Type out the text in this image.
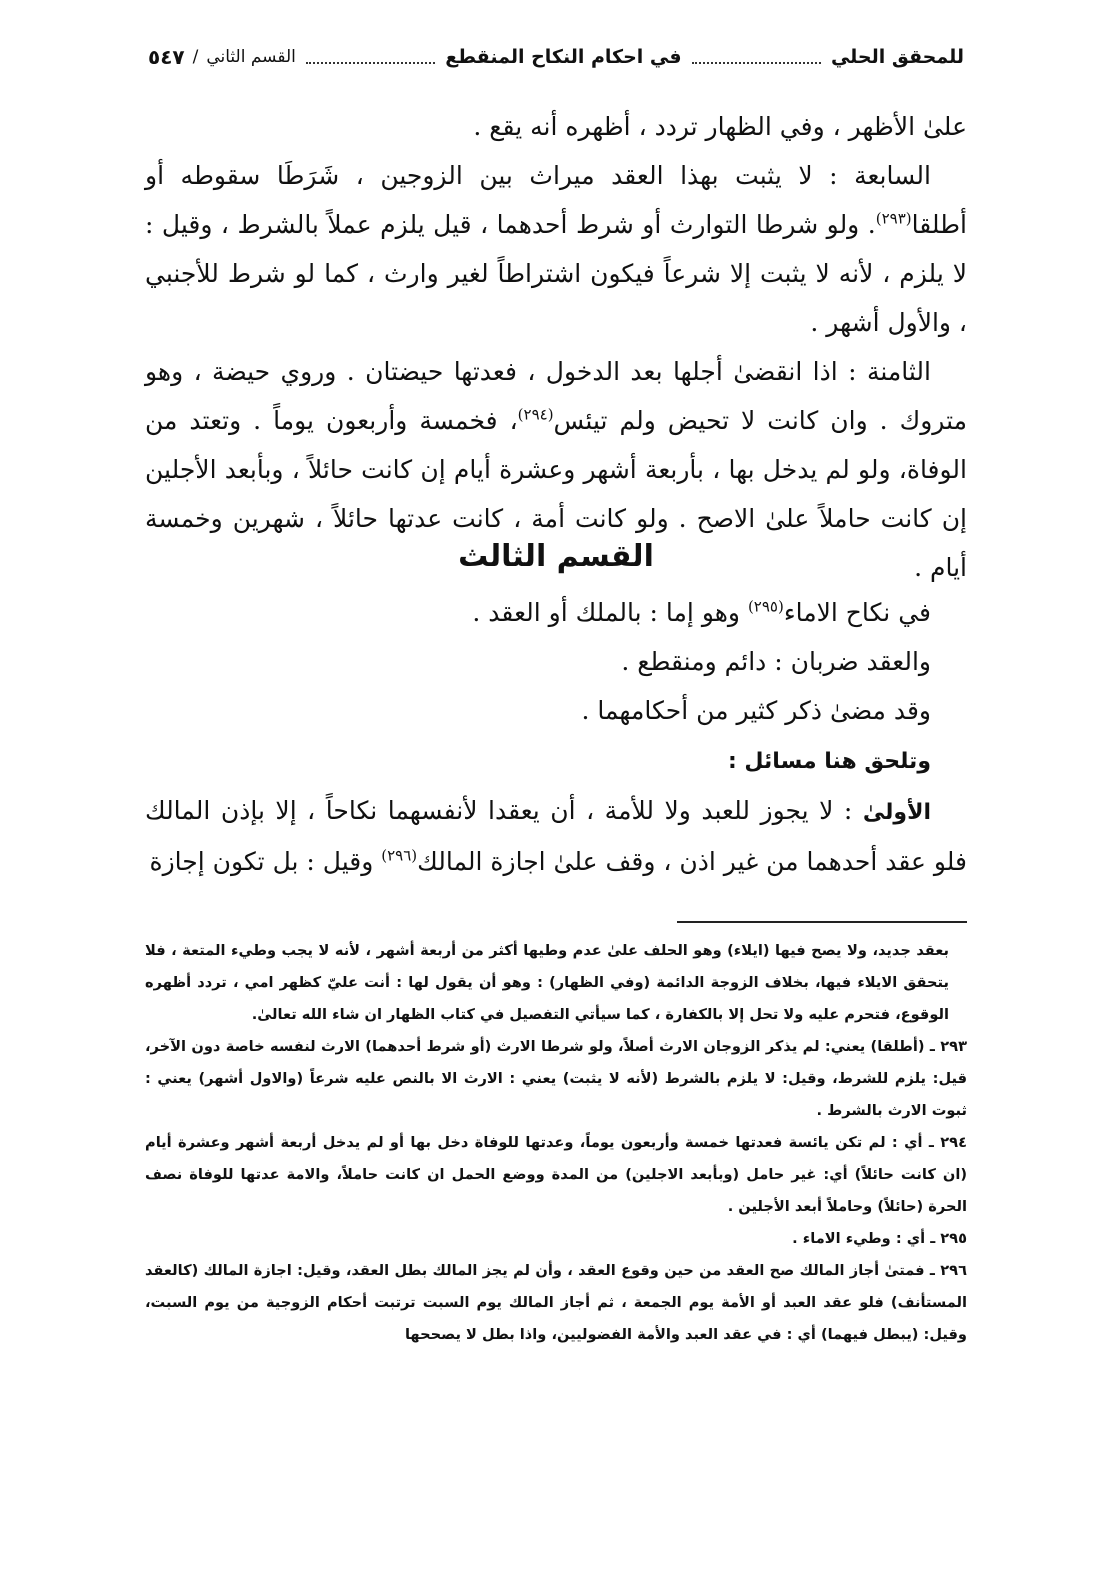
للمحقق الحلي
في احكام النكاح المنقطع
القسم الثاني
/
٥٤٧

علىٰ الأظهر ، وفي الظهار تردد ، أظهره أنه يقع .

السابعة : لا يثبت بهذا العقد ميراث بين الزوجين ، شَرَطَا سقوطه أو أطلقا$^{(٢٩٣)}$. ولو شرطا التوارث أو شرط أحدهما ، قيل يلزم عملاً بالشرط ، وقيل : لا يلزم ، لأنه لا يثبت إلا شرعاً فيكون اشتراطاً لغير وارث ، كما لو شرط للأجنبي ، والأول أشهر .

الثامنة : اذا انقضىٰ أجلها بعد الدخول ، فعدتها حيضتان . وروي حيضة ، وهو متروك . وان كانت لا تحيض ولم تيئس$^{(٢٩٤)}$، فخمسة وأربعون يوماً . وتعتد من الوفاة، ولو لم يدخل بها ، بأربعة أشهر وعشرة أيام إن كانت حائلاً ، وبأبعد الأجلين إن كانت حاملاً علىٰ الاصح . ولو كانت أمة ، كانت عدتها حائلاً ، شهرين وخمسة أيام .

القسم الثالث

في نكاح الاماء$^{(٢٩٥)}$ وهو إما : بالملك أو العقد .

والعقد ضربان : دائم ومنقطع .

وقد مضىٰ ذكر كثير من أحكامهما .

وتلحق هنا مسائل :

الأولىٰ : لا يجوز للعبد ولا للأمة ، أن يعقدا لأنفسهما نكاحاً ، إلا بإذن المالك فلو عقد أحدهما من غير اذن ، وقف علىٰ اجازة المالك$^{(٢٩٦)}$ وقيل : بل تكون إجازة

بعقد جديد، ولا يصح فيها (ايلاء) وهو الحلف علىٰ عدم وطيها أكثر من أربعة أشهر ، لأنه لا يجب وطيء المتعة ، فلا يتحقق الايلاء فيها، بخلاف الزوجة الدائمة (وفي الظهار) : وهو أن يقول لها : أنت عليّ كظهر امي ، تردد أظهره الوقوع، فتحرم عليه ولا تحل إلا بالكفارة ، كما سيأتي التفصيل في كتاب الظهار ان شاء الله تعالىٰ.

٢٩٣ ـ (أطلقا) يعني: لم يذكر الزوجان الارث أصلاً، ولو شرطا الارث (أو شرط أحدهما) الارث لنفسه خاصة دون الآخر، قيل: يلزم للشرط، وقيل: لا يلزم بالشرط (لأنه لا يثبت) يعني : الارث الا بالنص عليه شرعاً (والاول أشهر) يعني : ثبوت الارث بالشرط .

٢٩٤ ـ أي : لم تكن يائسة فعدتها خمسة وأربعون يوماً، وعدتها للوفاة دخل بها أو لم يدخل أربعة أشهر وعشرة أيام (ان كانت حائلاً) أي: غير حامل (وبأبعد الاجلين) من المدة ووضع الحمل ان كانت حاملاً، والامة عدتها للوفاة نصف الحرة (حائلاً) وحاملاً أبعد الأجلين .

٢٩٥ ـ أي : وطيء الاماء .

٢٩٦ ـ فمتىٰ أجاز المالك صح العقد من حين وقوع العقد ، وأن لم يجز المالك بطل العقد، وقيل: اجازة المالك (كالعقد المستأنف) فلو عقد العبد أو الأمة يوم الجمعة ، ثم أجاز المالك يوم السبت ترتبت أحكام الزوجية من يوم السبت، وقيل: (يبطل فيهما) أي : في عقد العبد والأمة الفضوليين، واذا بطل لا يصححها
